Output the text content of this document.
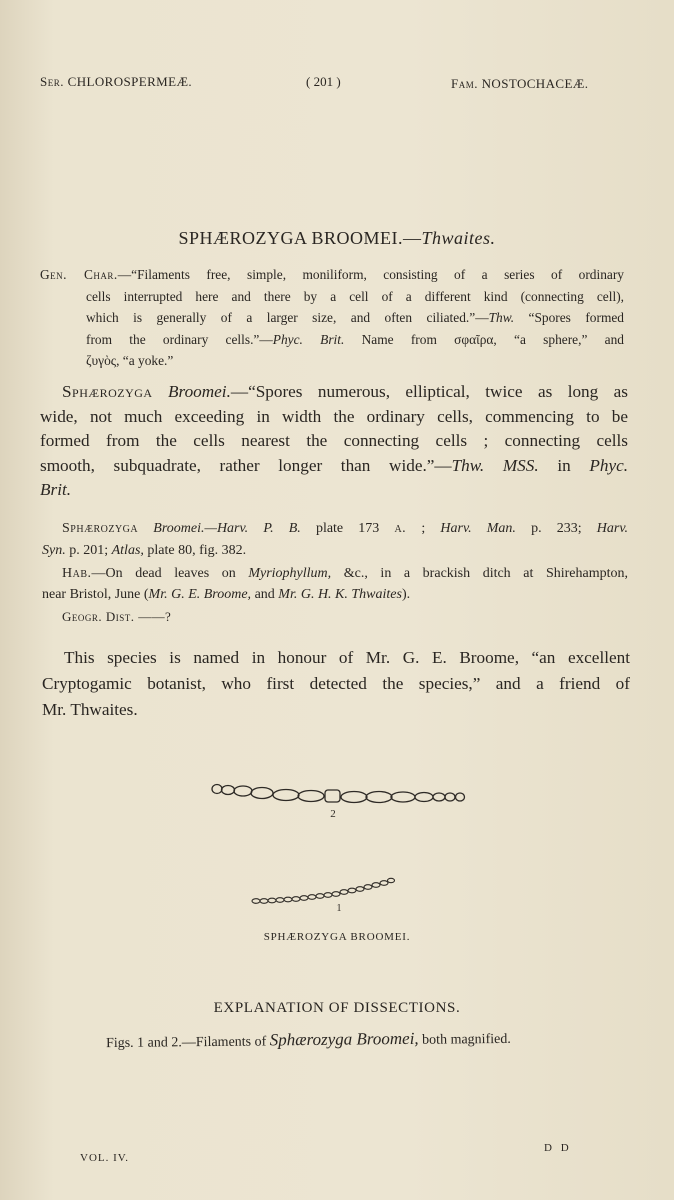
Ser. CHLOROSPERMEÆ.	( 201 )	Fam. NOSTOCHACEÆ.
SPHÆROZYGA BROOMEI.—Thwaites.
Gen. Char.—“Filaments free, simple, moniliform, consisting of a series of ordinary
cells interrupted here and there by a cell of a different kind (connecting cell),
which is generally of a larger size, and often ciliated.”—Thw. “Spores formed
from the ordinary cells.”—Phyc. Brit. Name from σφαῖρα, “a sphere,” and
ζυγὸς, “a yoke.”
Sphærozyga Broomei.—“Spores numerous, elliptical, twice as long as
wide, not much exceeding in width the ordinary cells, commencing to be
formed from the cells nearest the connecting cells ; connecting cells
smooth, subquadrate, rather longer than wide.”—Thw. MSS. in Phyc.
Brit.
Sphærozyga Broomei.—Harv. P. B. plate 173 a. ; Harv. Man. p. 233; Harv.
Syn. p. 201; Atlas, plate 80, fig. 382.
Hab.—On dead leaves on Myriophyllum, &c., in a brackish ditch at Shirehampton,
near Bristol, June (Mr. G. E. Broome, and Mr. G. H. K. Thwaites).
Geogr. Dist. ——?
This species is named in honour of Mr. G. E. Broome, “an excellent
Cryptogamic botanist, who first detected the species,” and a friend of
Mr. Thwaites.
2
1
SPHÆROZYGA BROOMEI.
EXPLANATION OF DISSECTIONS.
Figs. 1 and 2.—Filaments of Sphærozyga Broomei, both magnified.
VOL. IV.
D D
